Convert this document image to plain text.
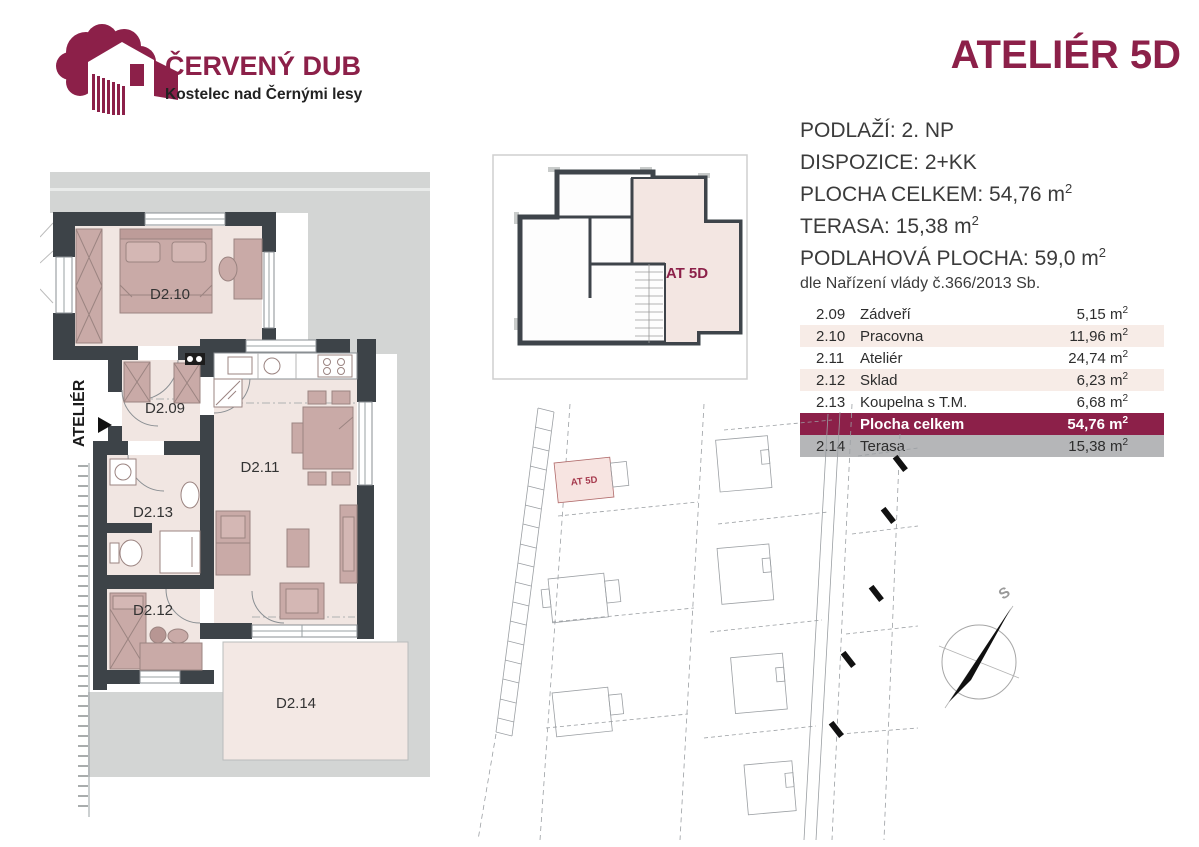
ČERVENÝ DUB
Kostelec nad Černými lesy
ATELIÉR 5D
PODLAŽÍ: 2. NP
DISPOZICE: 2+KK
PLOCHA CELKEM: 54,76 $m^2$
TERASA: 15,38 $m^2$
PODLAHOVÁ PLOCHA: 59,0 $m^2$
dle Nařízení vlády č.366/2013 Sb.
2.09 Zádveří	5,15 $m^2$
2.10 Pracovna	11,96 $m^2$
2.11	Ateliér	24,74 $m^2$
2.12 Sklad	6,23 $m^2$
2.13 Koupelna s T.M.	6,68 $m^2$
Plocha celkem	54,76 $m^2$
2.14 Terasa	15,38 $m^2$
ATELIÉR
D2.10
D2.09
D2.11
D2.13
D2.12
D2.14
AT 5D
AT 5D
S
